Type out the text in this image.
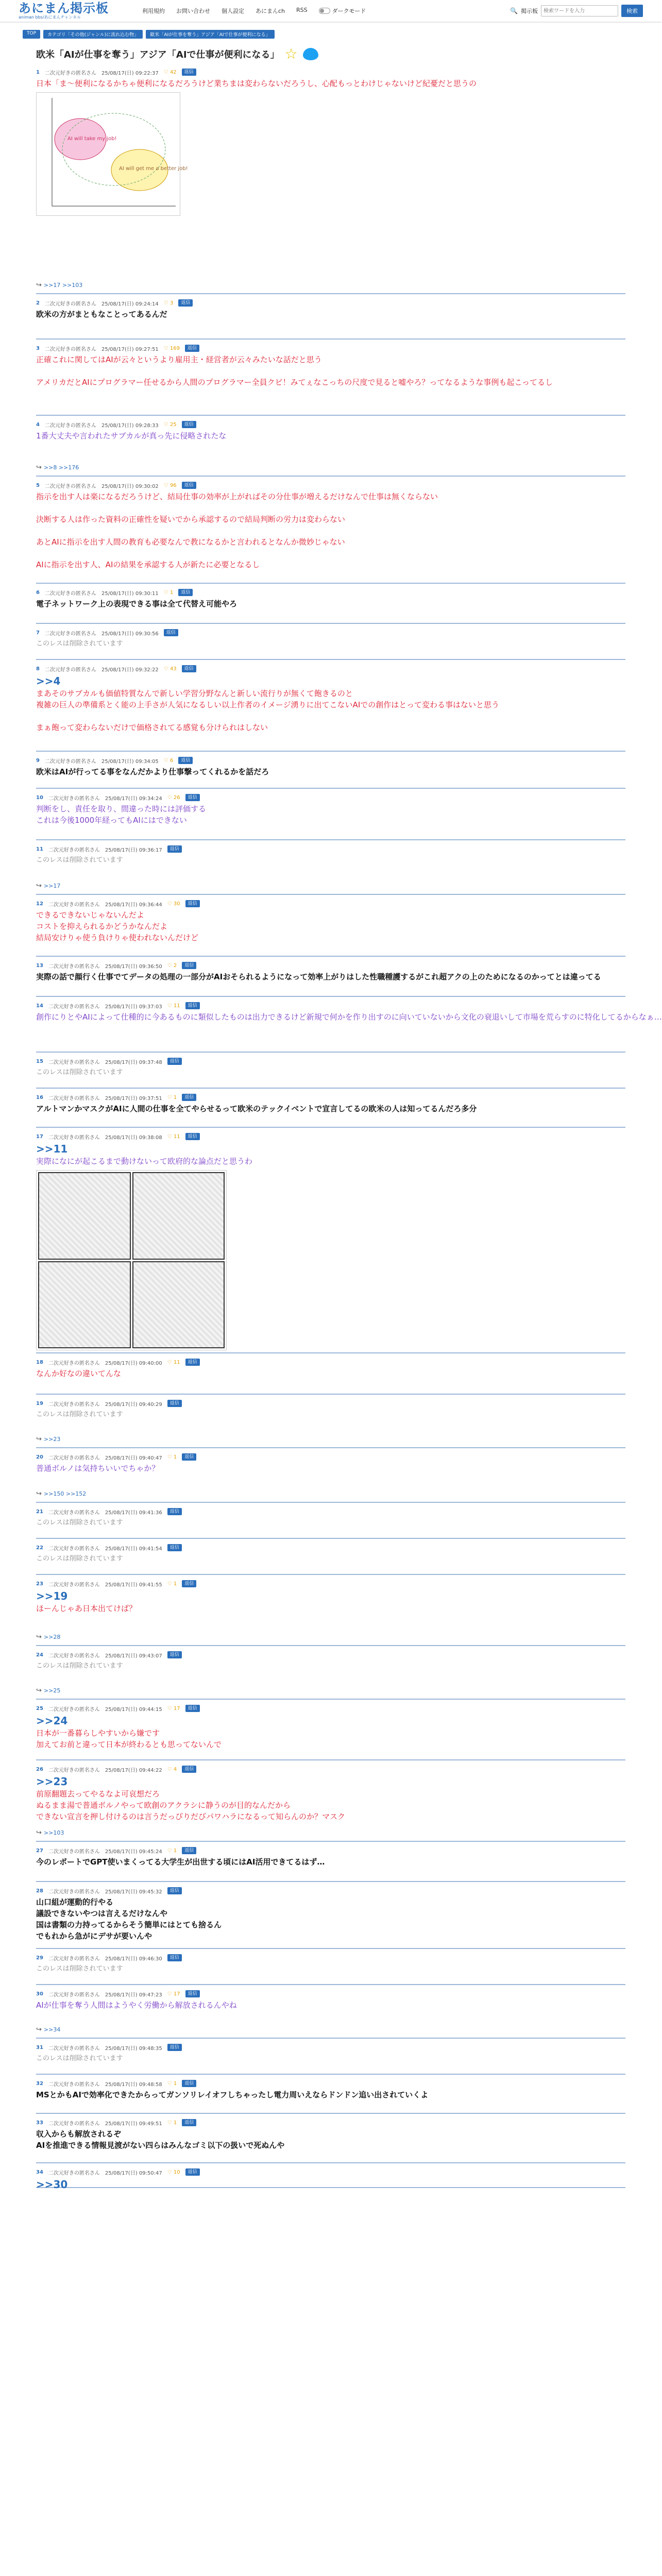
あにまん掲示板
animan bbs/あにまんチャンネル
利用規約 お問い合わせ 個人設定 あにまんch RSS	ダークモード	🔍 掲示板
検索ワードを入力	検索
TOP	カテゴリ「その他(ジャンル)に流れ込む物」	歓米「AIが仕事を奪う」アジア「AIで仕事が便利になる」
欧米「AIが仕事を奪う」アジア「AIで仕事が便利になる」 ☆
1 二次元好きの匿名さん 25/08/17(日) 09:22:37 ♡ 42	返信
日本「ま～便利になるかちゃ便利になるだろうけど業ちまは変わらないだろうし、心配もっとわけじゃないけど紀憂だと思うの
AI will take my job!
AI will get me a better job!
↪ >>17 >>103
2 二次元好きの匿名さん 25/08/17(日) 09:24:14 ♡ 3	返信
欧米の方がまともなことってあるんだ
3 二次元好きの匿名さん 25/08/17(日) 09:27:51 ♡ 169	返信
正確これに関してはAIが云々というより雇用主・経営者が云々みたいな話だと思う

アメリカだとAIにプログラマー任せるから人間のプログラマー全員クビ！みてぇなこっちの尺度で見ると嘘やろ？ってなるような事例も起こってるし
4 二次元好きの匿名さん 25/08/17(日) 09:28:33 ♡ 25	返信
1番大丈夫や言われたサブカルが真っ先に侵略されたな
↪ >>8 >>176
5 二次元好きの匿名さん 25/08/17(日) 09:30:02 ♡ 96	返信
指示を出す人は楽になるだろうけど、結局仕事の効率が上がればその分仕事が増えるだけなんで仕事は無くならない

決断する人は作った資料の正確性を疑いでから承認するので結局判断の労力は変わらない

あとAIに指示を出す人間の教育も必要なんで教になるかと言われるとなんか微妙じゃない

AIに指示を出す人、AIの結果を承認する人が新たに必要となるし
6 二次元好きの匿名さん 25/08/17(日) 09:30:11 ♡ 1	返信
電子ネットワーク上の表現できる事は全て代替え可能やろ
7 二次元好きの匿名さん 25/08/17(日) 09:30:56	返信
このレスは削除されています
8 二次元好きの匿名さん 25/08/17(日) 09:32:22 ♡ 43	返信
>>4
まあそのサブカルも価値特質なんで新しい学習分野なんと新しい流行りが無くて飽きるのと
複雑の巨人の準備系とく能の上手さが人気になるしい以上作者のイメージ湧りに出てこないAIでの創作はとって変わる事はないと思う

まぁ飽って変わらないだけで価格されてる感覚も分けられはしない
9 二次元好きの匿名さん 25/08/17(日) 09:34:05 ♡ 6	返信
欧米はAIが行ってる事をなんだかより仕事撃ってくれるかを話だろ
10 二次元好きの匿名さん 25/08/17(日) 09:34:24 ♡ 26	返信
判断をし、責任を取り、間違った時には評価する
これは今後1000年経ってもAIにはできない
11 二次元好きの匿名さん 25/08/17(日) 09:36:17	返信
このレスは削除されています
↪ >>17
12 二次元好きの匿名さん 25/08/17(日) 09:36:44 ♡ 30	返信
できるできないじゃないんだよ
コストを抑えられるかどうかなんだよ
結局安けりゃ使う負けりゃ使われないんだけど
13 二次元好きの匿名さん 25/08/17(日) 09:36:50 ♡ 2	返信
実際の話で顔行く仕事でてデータの処理の一部分がAIおそられるようになって効率上がりはした性職種護するがこれ超アクの上のためになるのかってとは違ってる
14 二次元好きの匿名さん 25/08/17(日) 09:37:03 ♡ 11	返信
創作にりとやAIによって仕種的に今あるものに類似したものは出力できるけど新規で何かを作り出すのに向いていないから文化の衰退いして市場を荒らすのに特化してるからなぁ…
15 二次元好きの匿名さん 25/08/17(日) 09:37:48	返信
このレスは削除されています
16 二次元好きの匿名さん 25/08/17(日) 09:37:51 ♡ 1	返信
アルトマンかマスクがAIに人間の仕事を全てやらせるって欧米のテックイベントで宣言してるの欧米の人は知ってるんだろ多分
17 二次元好きの匿名さん 25/08/17(日) 09:38:08 ♡ 11	返信
>>11
実際になにが起こるまで動けないって欧府的な論点だと思うわ
18 二次元好きの匿名さん 25/08/17(日) 09:40:00 ♡ 11	返信
なんか好なの違いてんな
19 二次元好きの匿名さん 25/08/17(日) 09:40:29	返信
このレスは削除されています
↪ >>23
20 二次元好きの匿名さん 25/08/17(日) 09:40:47 ♡ 1	返信
普通ボルノは気持ちいいでちゃか？
↪ >>150 >>152
21 二次元好きの匿名さん 25/08/17(日) 09:41:36	返信
このレスは削除されています
22 二次元好きの匿名さん 25/08/17(日) 09:41:54	返信
このレスは削除されています
23 二次元好きの匿名さん 25/08/17(日) 09:41:55 ♡ 1	返信
>>19
ほーんじゃあ日本出てけば？
↪ >>28
24 二次元好きの匿名さん 25/08/17(日) 09:43:07	返信
このレスは削除されています
↪ >>25
25 二次元好きの匿名さん 25/08/17(日) 09:44:15 ♡ 17	返信
>>24
日本が一番暮らしやすいから嫌です
加えてお前と違って日本が終わるとも思ってないんで
26 二次元好きの匿名さん 25/08/17(日) 09:44:22 ♡ 4	返信
>>23
前原翻題去ってやるなよ可哀想だろ
ぬるまま湯で普通ボルノやって欧創のアクラシに静うのが目的なんだから
できない宣言を押し付けるのは言うだっぴりだびパワハラになるって知らんのか？マスク
↪ >>103
27 二次元好きの匿名さん 25/08/17(日) 09:45:24 ♡ 1	返信
今のレポートでGPT使いまくってる大学生が出世する頃にはAI活用できてるはず…
28 二次元好きの匿名さん 25/08/17(日) 09:45:32	返信
山口組が運動的行やる
議設できないやつは言えるだけなんや
国は書類の力持ってるからそう簡単にはとても捨るん
でもれから急がにデサが要いんや
29 二次元好きの匿名さん 25/08/17(日) 09:46:30	返信
このレスは削除されています
30 二次元好きの匿名さん 25/08/17(日) 09:47:23 ♡ 17	返信
AIが仕事を奪う人間はようやく労働から解放されるんやね
↪ >>34
31 二次元好きの匿名さん 25/08/17(日) 09:48:35	返信
このレスは削除されています
32 二次元好きの匿名さん 25/08/17(日) 09:48:58 ♡ 1	返信
MSとかもAIで効率化できたからってガンソリレイオフしちゃったし電力周いえならドンドン追い出されていくよ
33 二次元好きの匿名さん 25/08/17(日) 09:49:51 ♡ 1	返信
収入からも解放されるぞ
AIを推進できる情報見渡がない四らはみんなゴミ以下の扱いで死ぬんや
34 二次元好きの匿名さん 25/08/17(日) 09:50:47 ♡ 10	返信
>>30
